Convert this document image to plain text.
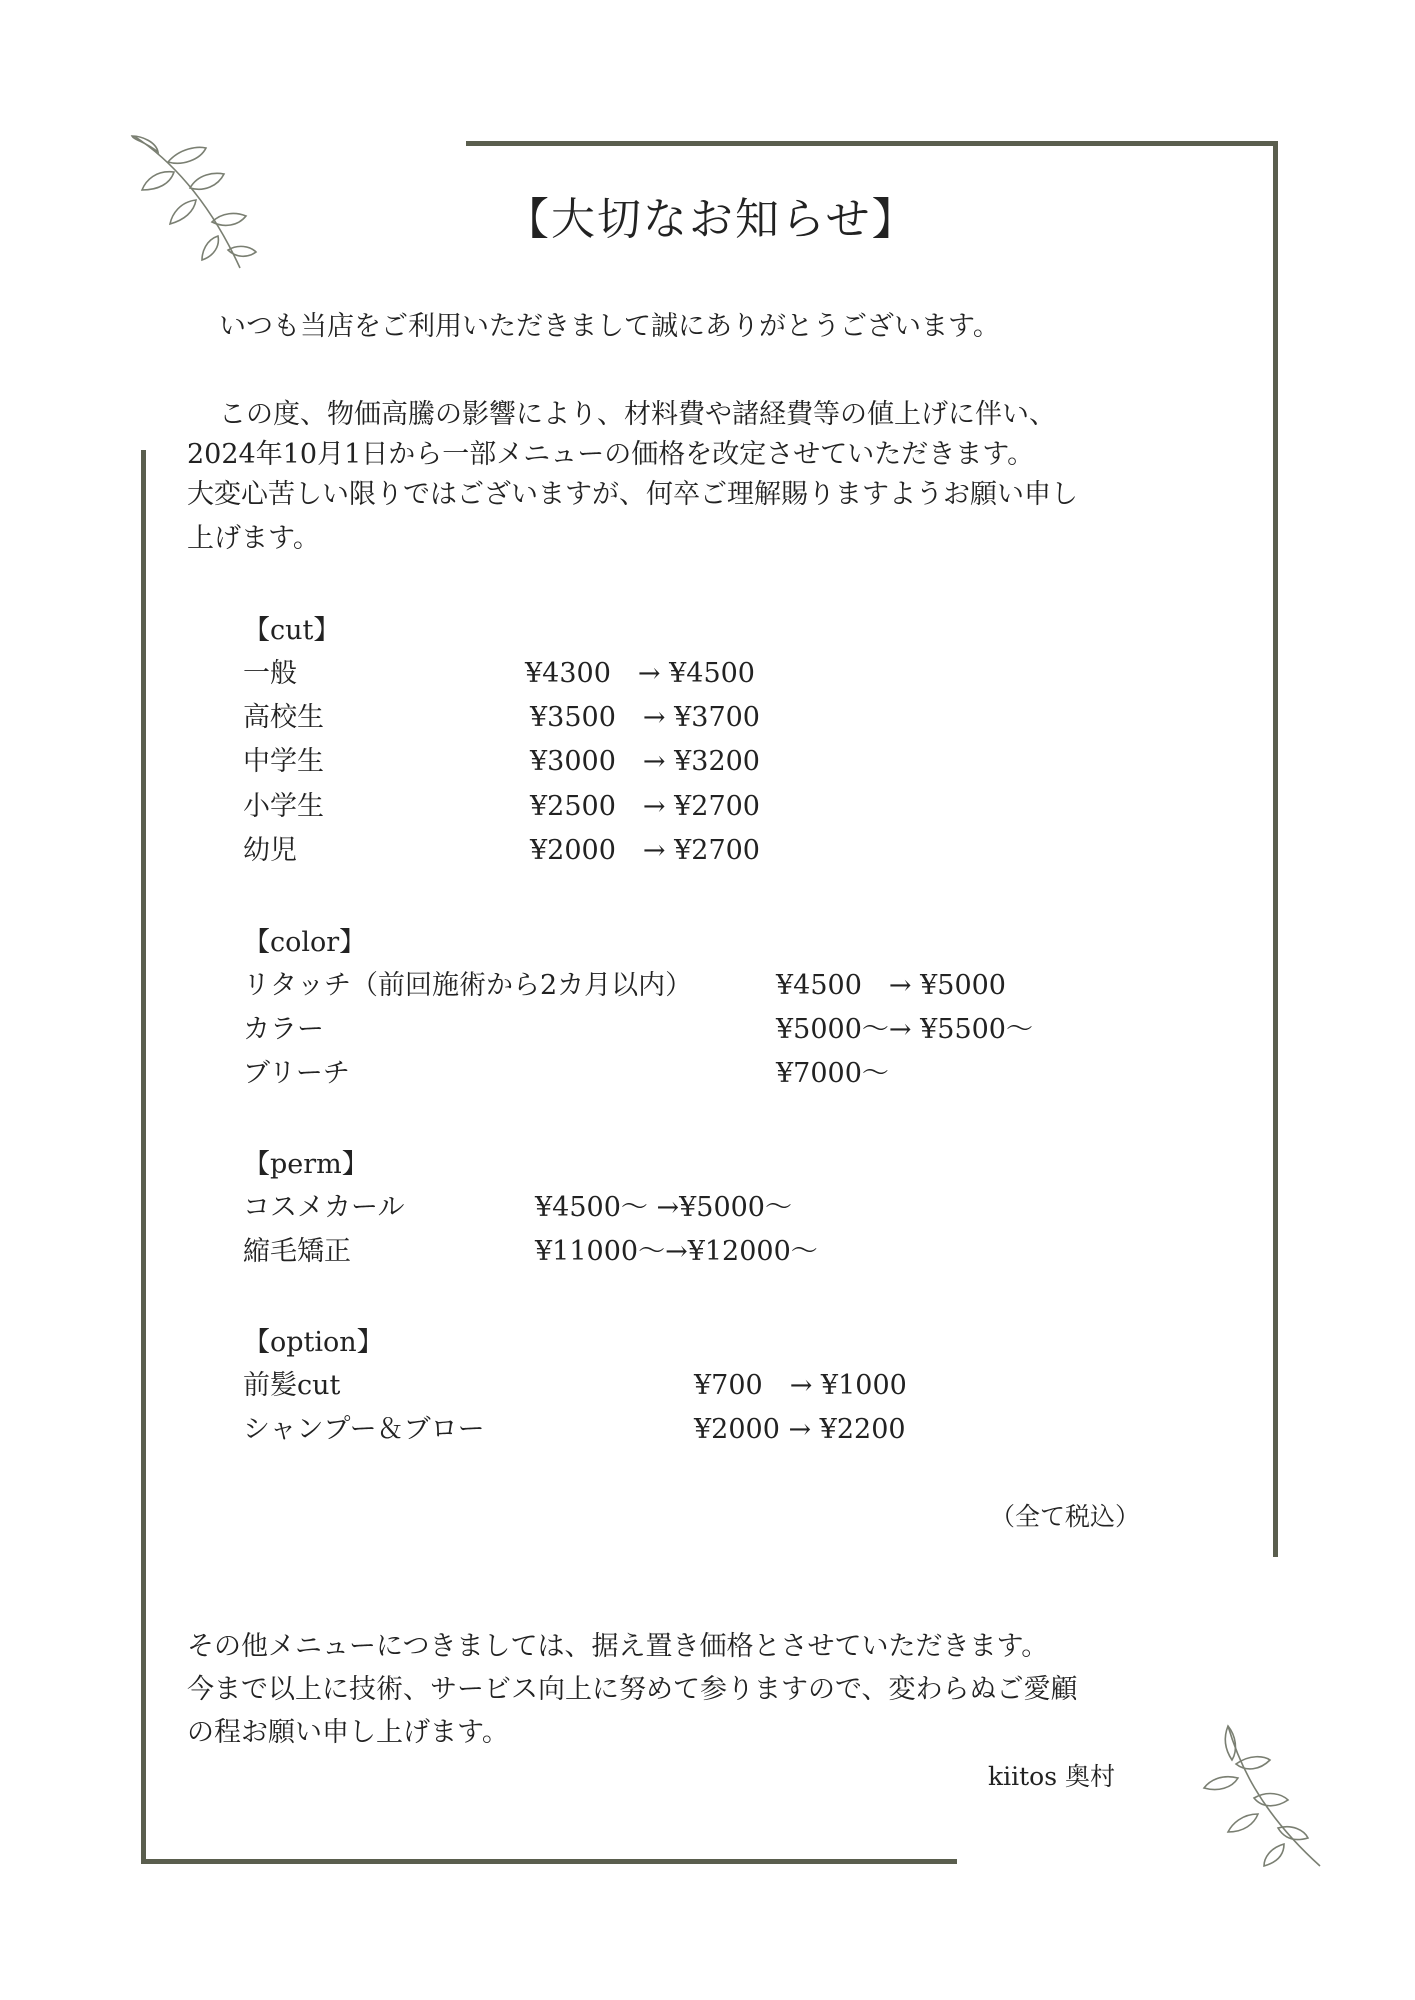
【大切なお知らせ】
いつも当店をご利用いただきまして誠にありがとうございます。
この度、物価高騰の影響により、材料費や諸経費等の値上げに伴い、
2024年10月1日から一部メニューの価格を改定させていただきます。
大変心苦しい限りではございますが、何卒ご理解賜りますようお願い申し
上げます。
【cut】
一般	¥4300　→ ¥4500
高校生	¥3500　→ ¥3700
中学生	¥3000　→ ¥3200
小学生	¥2500　→ ¥2700
幼児	¥2000　→ ¥2700
【color】
リタッチ（前回施術から2カ月以内）	¥4500　→ ¥5000
カラー	¥5000～→ ¥5500～
ブリーチ	¥7000～
【perm】
コスメカール	¥4500～ →¥5000～
縮毛矯正	¥11000～→¥12000～
【option】
前髪cut	¥700　→ ¥1000
シャンプー＆ブロー	¥2000 → ¥2200
（全て税込）
その他メニューにつきましては、据え置き価格とさせていただきます。
今まで以上に技術、サービス向上に努めて参りますので、変わらぬご愛顧
の程お願い申し上げます。
kiitos 奥村
